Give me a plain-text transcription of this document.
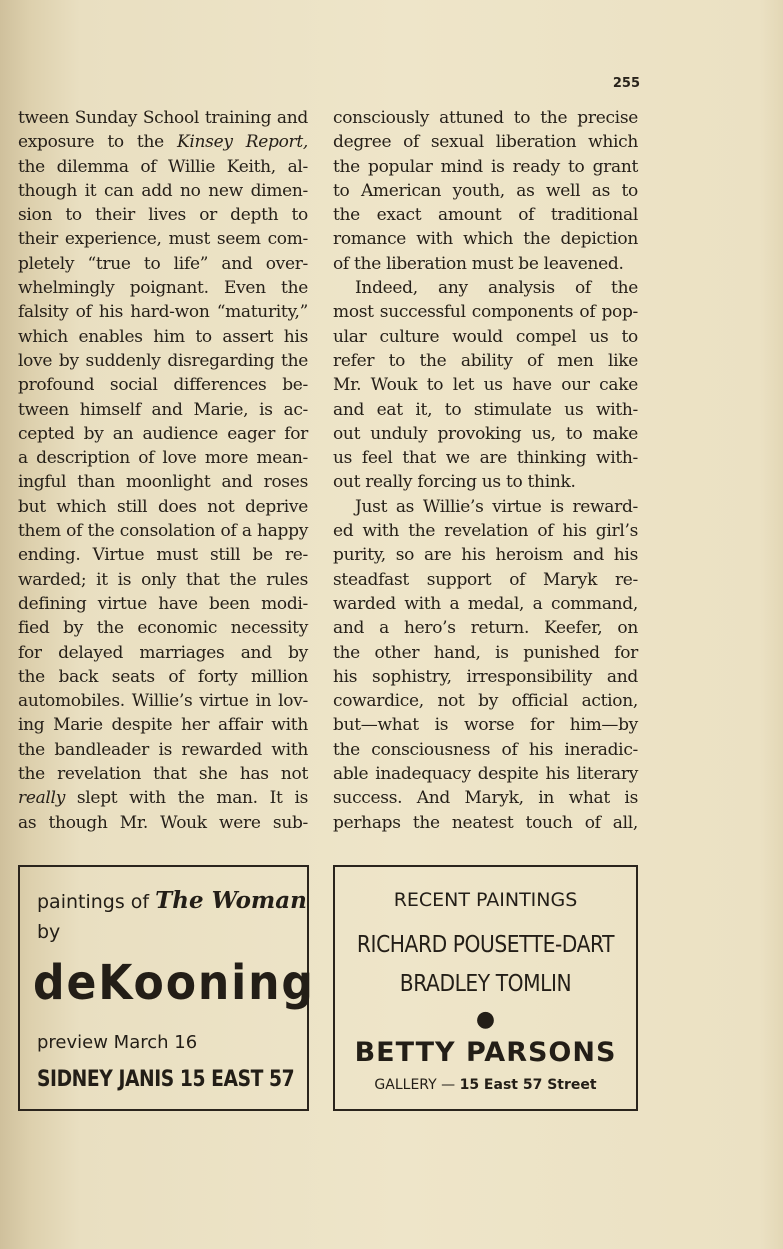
255
tween Sunday School training and
exposure to the Kinsey Report,
the dilemma of Willie Keith, al-
though it can add no new dimen-
sion to their lives or depth to
their experience, must seem com-
pletely “true to life” and over-
whelmingly poignant. Even the
falsity of his hard-won “maturity,”
which enables him to assert his
love by suddenly disregarding the
profound social differences be-
tween himself and Marie, is ac-
cepted by an audience eager for
a description of love more mean-
ingful than moonlight and roses
but which still does not deprive
them of the consolation of a happy
ending. Virtue must still be re-
warded; it is only that the rules
defining virtue have been modi-
fied by the economic necessity
for delayed marriages and by
the back seats of forty million
automobiles. Willie’s virtue in lov-
ing Marie despite her affair with
the bandleader is rewarded with
the revelation that she has not
really slept with the man. It is
as though Mr. Wouk were sub-
consciously attuned to the precise
degree of sexual liberation which
the popular mind is ready to grant
to American youth, as well as to
the exact amount of traditional
romance with which the depiction
of the liberation must be leavened.
Indeed, any analysis of the
most successful components of pop-
ular culture would compel us to
refer to the ability of men like
Mr. Wouk to let us have our cake
and eat it, to stimulate us with-
out unduly provoking us, to make
us feel that we are thinking with-
out really forcing us to think.
Just as Willie’s virtue is reward-
ed with the revelation of his girl’s
purity, so are his heroism and his
steadfast support of Maryk re-
warded with a medal, a command,
and a hero’s return. Keefer, on
the other hand, is punished for
his sophistry, irresponsibility and
cowardice, not by official action,
but—what is worse for him—by
the consciousness of his ineradic-
able inadequacy despite his literary
success. And Maryk, in what is
perhaps the neatest touch of all,
paintings of The Woman
by
deKooning
preview March 16
SIDNEY JANIS 15 EAST 57
RECENT PAINTINGS
RICHARD POUSETTE-DART
BRADLEY TOMLIN
●
BETTY PARSONS
GALLERY — 15 East 57 Street
